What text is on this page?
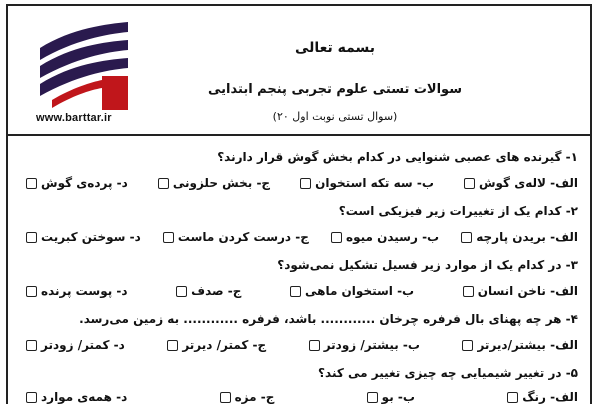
www.barttar.ir
بسمه تعالی
سوالات تستی علوم تجربی پنجم ابتدایی
(۲۰ سوال تستی نوبت اول)
۱- گیرنده های عصبی شنوایی در کدام بخش گوش قرار دارند؟
الف- لاله‌ی گوش
ب- سه تکه استخوان
ج- بخش حلزونی
د- پرده‌ی گوش
۲- کدام یک از تغییرات زیر فیزیکی است؟
الف- بریدن پارچه
ب- رسیدن میوه
ج- درست کردن ماست
د- سوختن کبریت
۳- در کدام یک از موارد زیر فسیل تشکیل نمی‌شود؟
الف- ناخن انسان
ب- استخوان ماهی
ج- صدف
د- پوست پرنده
۴- هر چه پهنای بال فرفره چرخان ............ باشد، فرفره ............ به زمین می‌رسد.
الف- بیشتر/دیرتر
ب- بیشتر/ زودتر
ج- کمتر/ دیرتر
د- کمتر/ زودتر
۵- در تغییر شیمیایی چه چیزی تغییر می کند؟
الف- رنگ
ب- بو
ج- مزه
د- همه‌ی موارد
